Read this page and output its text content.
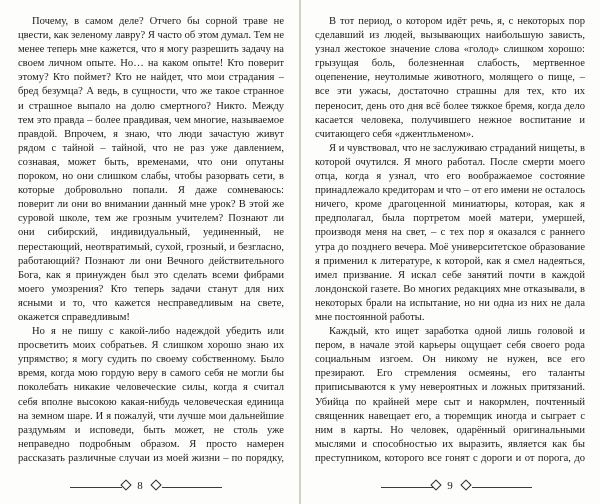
Почему, в самом деле? Отчего бы сорной траве не цвести, как зеленому лавру? Я часто об этом думал. Тем не менее теперь мне кажется, что я могу разрешить задачу на своем личном опыте. Но… на каком опыте! Кто поверит этому? Кто поймет? Кто не найдет, что мои страдания – бред безумца? А ведь, в сущности, что же такое странное и страшное выпало на долю смертного? Никто. Между тем это правда – более правдивая, чем многие, называемое правдой. Впрочем, я знаю, что люди зачастую живут рядом с тайной – тайной, что не раз уже давлением, сознавая, может быть, временами, что они опутаны пороком, но они слишком слабы, чтобы разорвать сети, в которые добровольно попали. Я даже сомневаюсь: поверит ли они во внимании данный мне урок? В этой же суровой школе, тем же грозным учителем? Познают ли они сибирский, индивидуальный, уединенный, не перестающий, неотвратимый, сухой, грозный, и безгласно, работающий? Познают ли они Вечного действительного Бога, как я принужден был это сделать всеми фибрами моего умозрения? Кто теперь задачи станут для них ясными и то, что кажется несправедливым на свете, окажется справедливым!

Но я не пишу с какой-либо надеждой убедить или просветить моих собратьев. Я слишком хорошо знаю их упрямство; я могу судить по своему собственному. Было время, когда мою гордую веру в самого себя не могли бы поколебать никакие человеческие силы, когда я считал себя вполне высокою какая-нибудь человеческая единица на земном шаре. И я пожалуй, чти лучше мои дальнейшие раздумьям и исповеди, быть может, не столь уже неправедно подробным образом. Я просто намерен рассказать различные случаи из моей жизни – по порядку,

8

В тот период, о котором идёт речь, я, с некоторых пор сделавший из людей, вызывающих наибольшую зависть, узнал жестокое значение слова «голод» слишком хорошо: грызущая боль, болезненная слабость, мертвенное оцепенение, неутолимые животного, молящего о пище, – все эти ужасы, достаточно страшны для тех, кто их переносит, день ото дня всё более тяжкое бремя, когда дело касается человека, получившего нежное воспитание и считающего себя «джентльменом».

Я и чувствовал, что не заслуживаю страданий нищеты, в которой очутился. Я много работал. После смерти моего отца, когда я узнал, что его воображаемое состояние принадлежало кредиторам и что – от его имени не осталось ничего, кроме драгоценной миниатюры, которая, как я предполагал, была портретом моей матери, умершей, производя меня на свет, – с тех пор я оказался с раннего утра до позднего вечера. Моё университетское образование я применил к литературе, к которой, как я смел надеяться, имел призвание. Я искал себе занятий почти в каждой лондонской газете. Во многих редакциях мне отказывали, в некоторых брали на испытание, но ни одна из них не дала мне постоянной работы.

Каждый, кто ищет заработка одной лишь головой и пером, в начале этой карьеры ощущает себя своего рода социальным изгоем. Он никому не нужен, все его презирают. Его стремления осмеяны, его таланты приписываются к уму невероятных и ложных притязаний. Убийца по крайней мере сыт и накормлен, почтенный священник навещает его, а тюремщик иногда и сыграет с ним в карты. Но человек, одарённый оригинальными мыслями и способностью их выразить, является как бы преступником, которого все гонят с дороги и от порога, до

9
